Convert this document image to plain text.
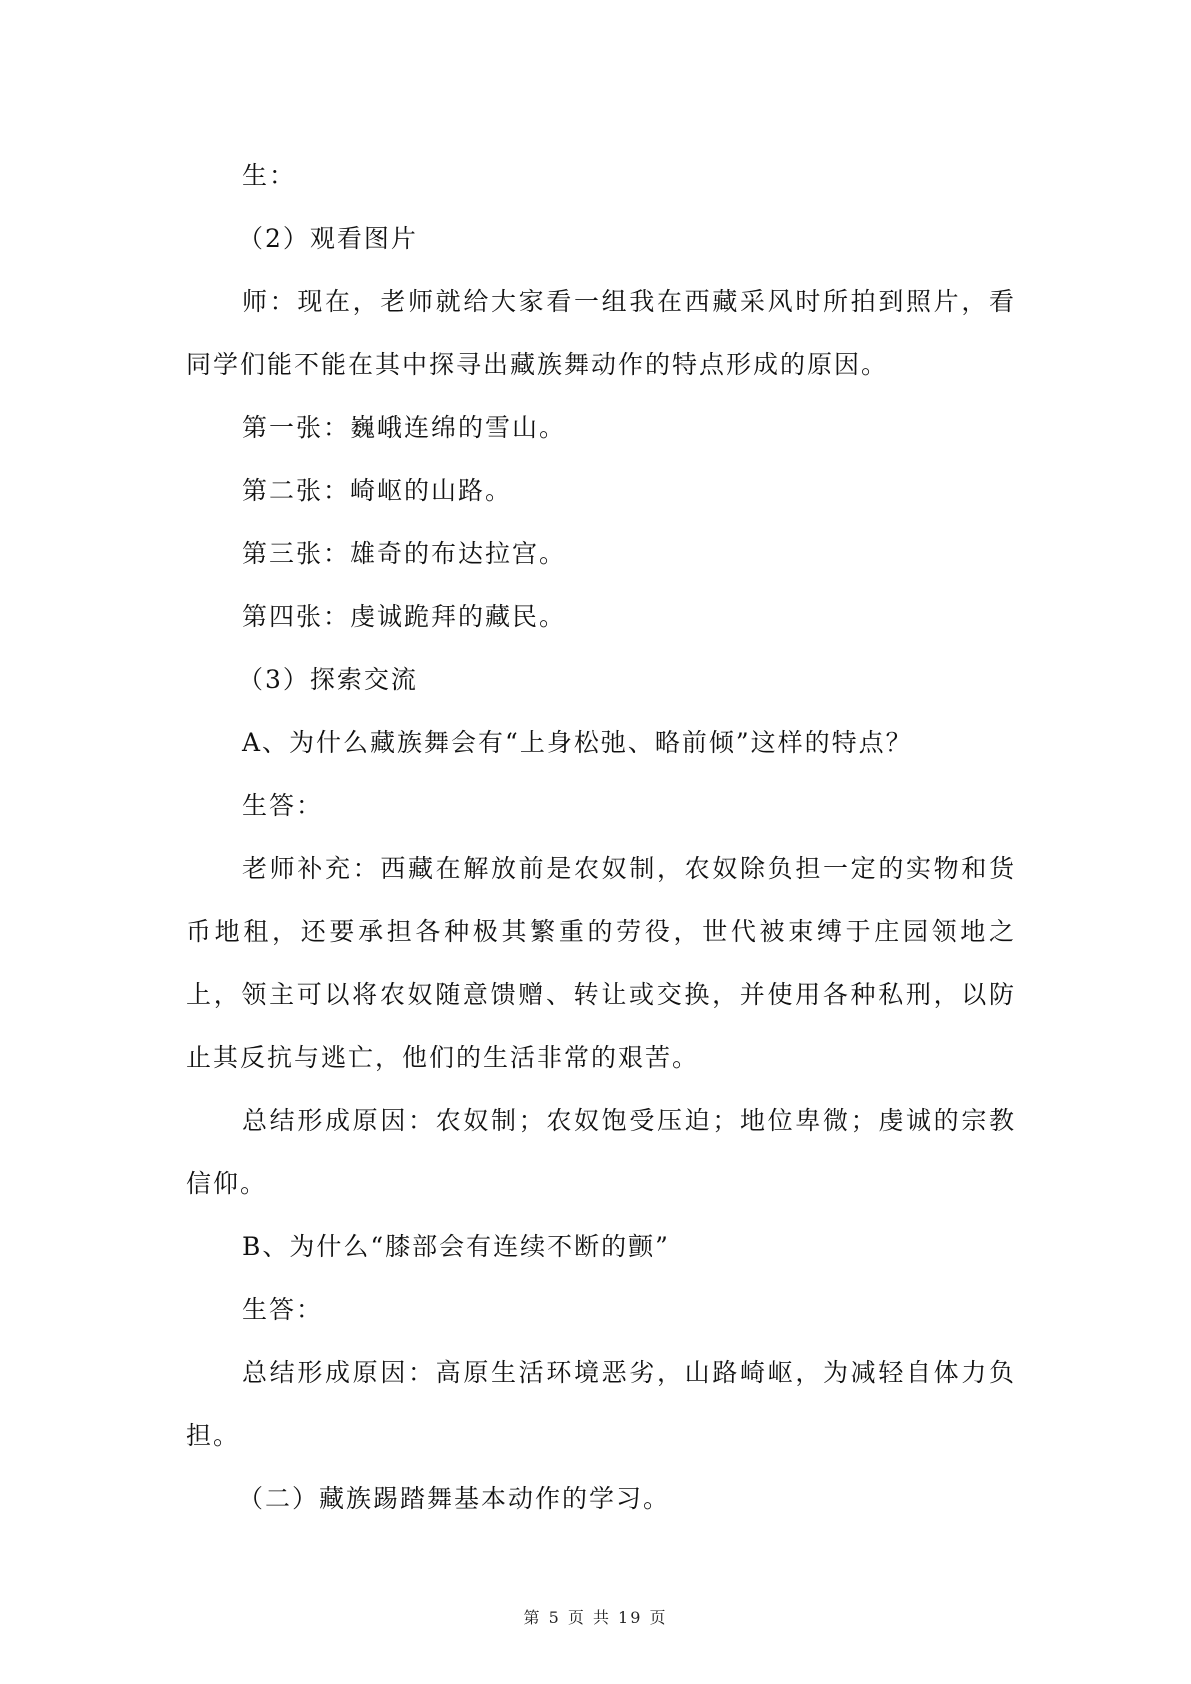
生：

（2）观看图片

师：现在，老师就给大家看一组我在西藏采风时所拍到照片，看同学们能不能在其中探寻出藏族舞动作的特点形成的原因。

第一张：巍峨连绵的雪山。

第二张：崎岖的山路。

第三张：雄奇的布达拉宫。

第四张：虔诚跪拜的藏民。

（3）探索交流

A、为什么藏族舞会有“上身松弛、略前倾”这样的特点？

生答：

老师补充：西藏在解放前是农奴制，农奴除负担一定的实物和货币地租，还要承担各种极其繁重的劳役，世代被束缚于庄园领地之上，领主可以将农奴随意馈赠、转让或交换，并使用各种私刑，以防止其反抗与逃亡，他们的生活非常的艰苦。

总结形成原因：农奴制；农奴饱受压迫；地位卑微；虔诚的宗教信仰。

B、为什么“膝部会有连续不断的颤”

生答：

总结形成原因：高原生活环境恶劣，山路崎岖，为减轻自体力负担。

（二）藏族踢踏舞基本动作的学习。

第 5 页 共 19 页
